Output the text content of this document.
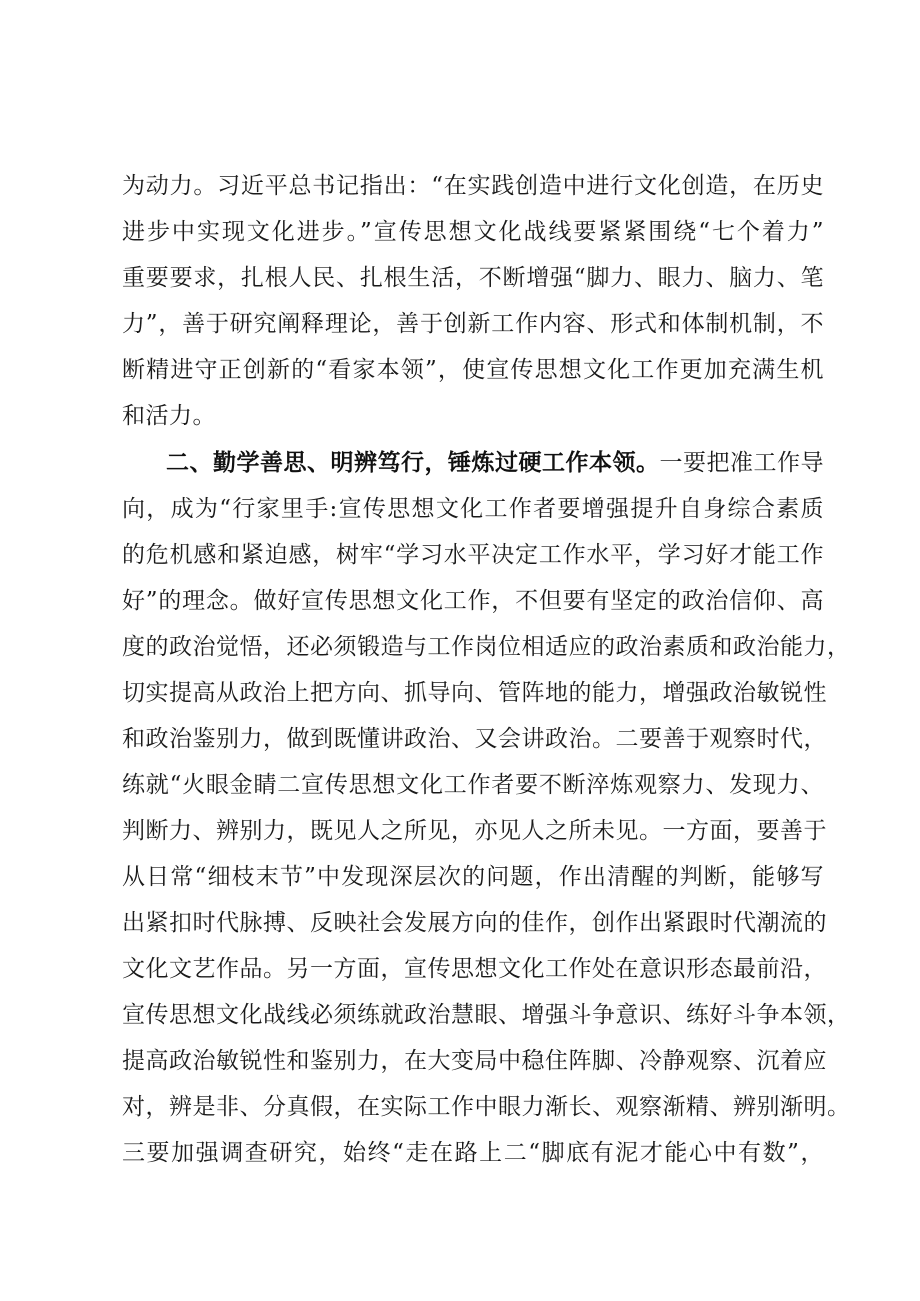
为动力。习近平总书记指出：“在实践创造中进行文化创造，在历史
进步中实现文化进步。”宣传思想文化战线要紧紧围绕“七个着力”
重要要求，扎根人民、扎根生活，不断增强“脚力、眼力、脑力、笔
力”，善于研究阐释理论，善于创新工作内容、形式和体制机制，不
断精进守正创新的“看家本领”，使宣传思想文化工作更加充满生机
和活力。
二、勤学善思、明辨笃行，锤炼过硬工作本领。一要把准工作导
向，成为“行家里手:宣传思想文化工作者要增强提升自身综合素质
的危机感和紧迫感，树牢“学习水平决定工作水平，学习好才能工作
好”的理念。做好宣传思想文化工作，不但要有坚定的政治信仰、高
度的政治觉悟，还必须锻造与工作岗位相适应的政治素质和政治能力，
切实提高从政治上把方向、抓导向、管阵地的能力，增强政治敏锐性
和政治鉴别力，做到既懂讲政治、又会讲政治。二要善于观察时代，
练就“火眼金睛二宣传思想文化工作者要不断淬炼观察力、发现力、
判断力、辨别力，既见人之所见，亦见人之所未见。一方面，要善于
从日常“细枝末节”中发现深层次的问题，作出清醒的判断，能够写
出紧扣时代脉搏、反映社会发展方向的佳作，创作出紧跟时代潮流的
文化文艺作品。另一方面，宣传思想文化工作处在意识形态最前沿，
宣传思想文化战线必须练就政治慧眼、增强斗争意识、练好斗争本领，
提高政治敏锐性和鉴别力，在大变局中稳住阵脚、冷静观察、沉着应
对，辨是非、分真假，在实际工作中眼力渐长、观察渐精、辨别渐明。
三要加强调查研究，始终“走在路上二“脚底有泥才能心中有数”，
